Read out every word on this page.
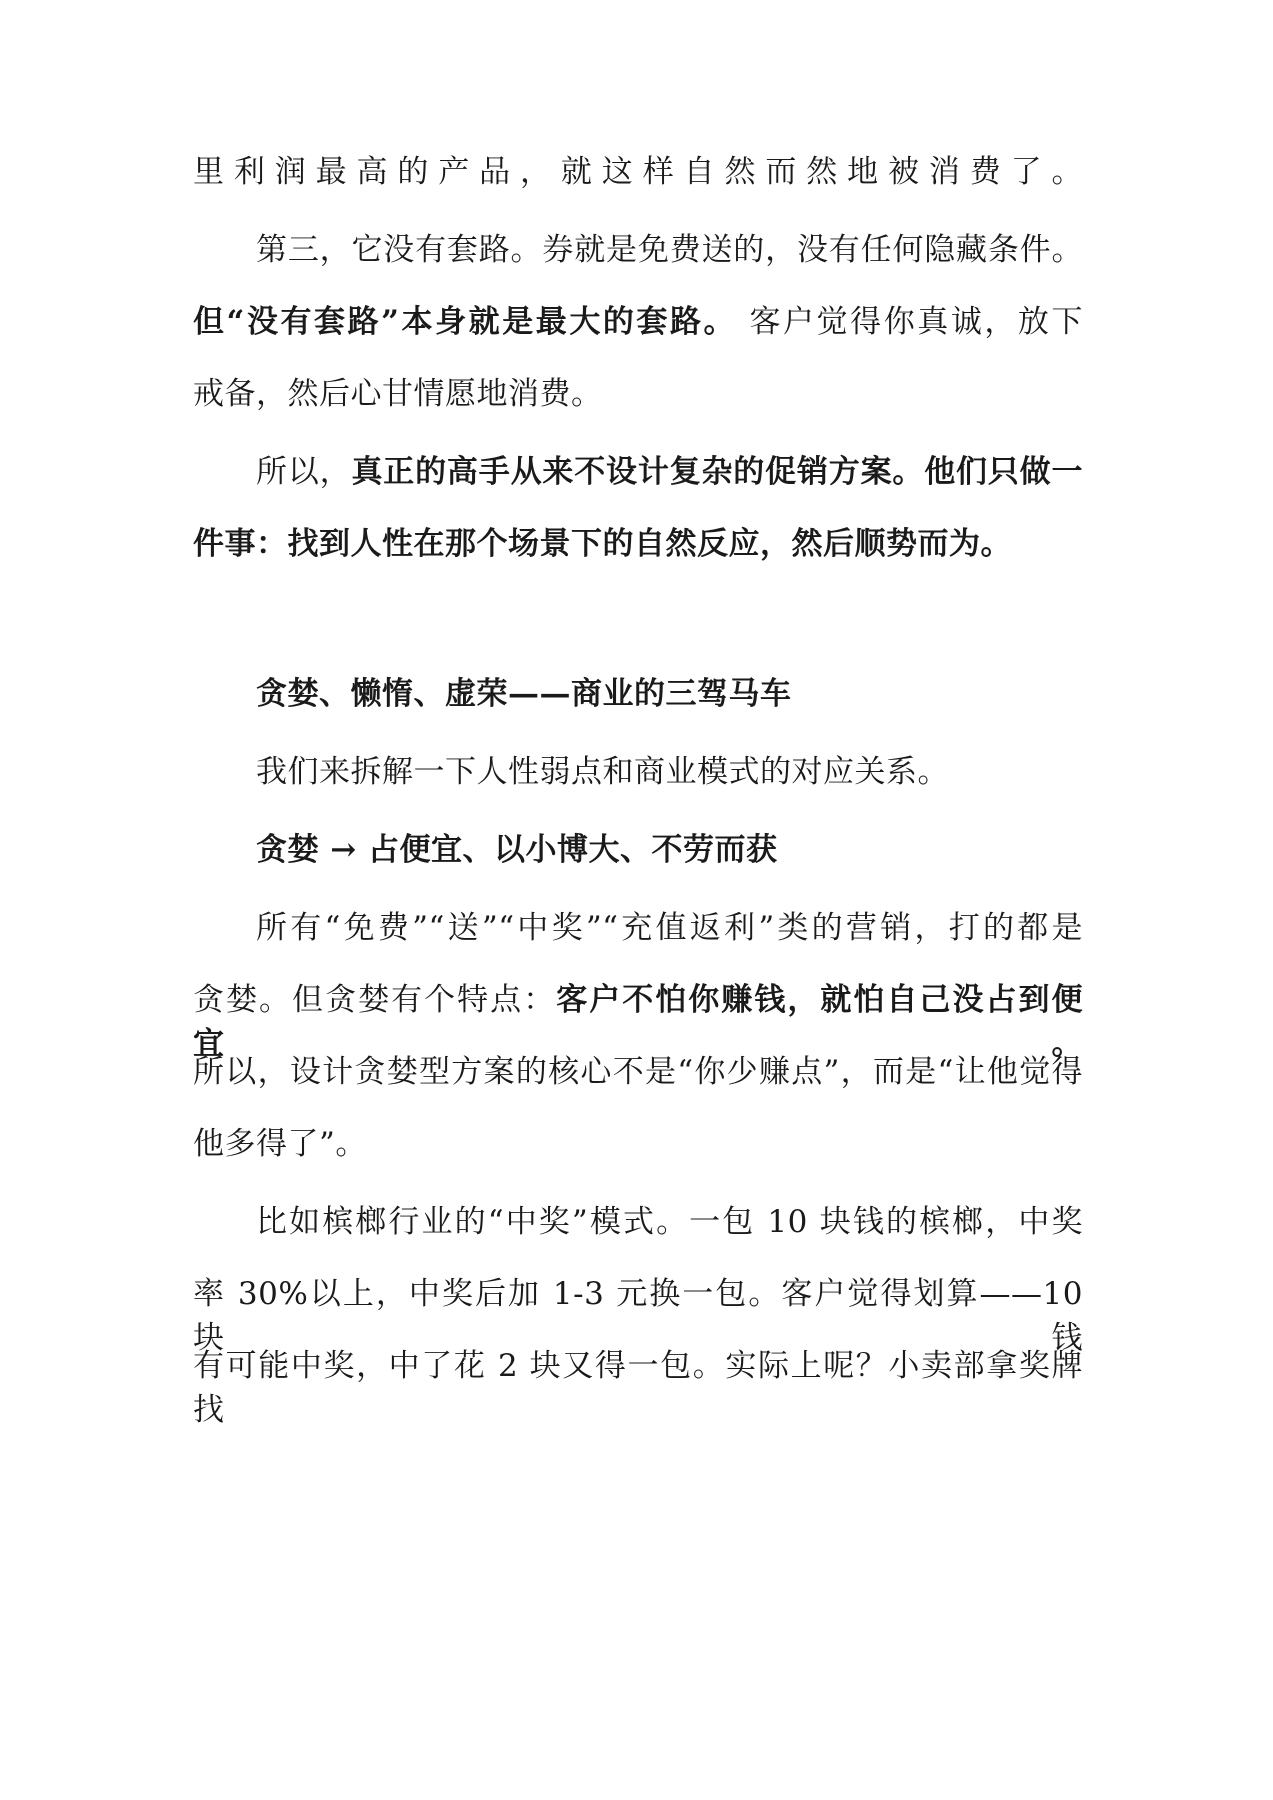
里利润最高的产品，就这样自然而然地被消费了。
第三，它没有套路。券就是免费送的，没有任何隐藏条件。
但“没有套路”本身就是最大的套路。 客户觉得你真诚，放下
戒备，然后心甘情愿地消费。
所以，真正的高手从来不设计复杂的促销方案。他们只做一
件事：找到人性在那个场景下的自然反应，然后顺势而为。
贪婪、懒惰、虚荣——商业的三驾马车
我们来拆解一下人性弱点和商业模式的对应关系。
贪婪 → 占便宜、以小博大、不劳而获
所有“免费”“送”“中奖”“充值返利”类的营销，打的都是
贪婪。但贪婪有个特点：客户不怕你赚钱，就怕自己没占到便宜。
所以，设计贪婪型方案的核心不是“你少赚点”，而是“让他觉得
他多得了”。
比如槟榔行业的“中奖”模式。一包 10 块钱的槟榔，中奖
率 30%以上，中奖后加 1-3 元换一包。客户觉得划算——10 块钱
有可能中奖，中了花 2 块又得一包。实际上呢？小卖部拿奖牌找
